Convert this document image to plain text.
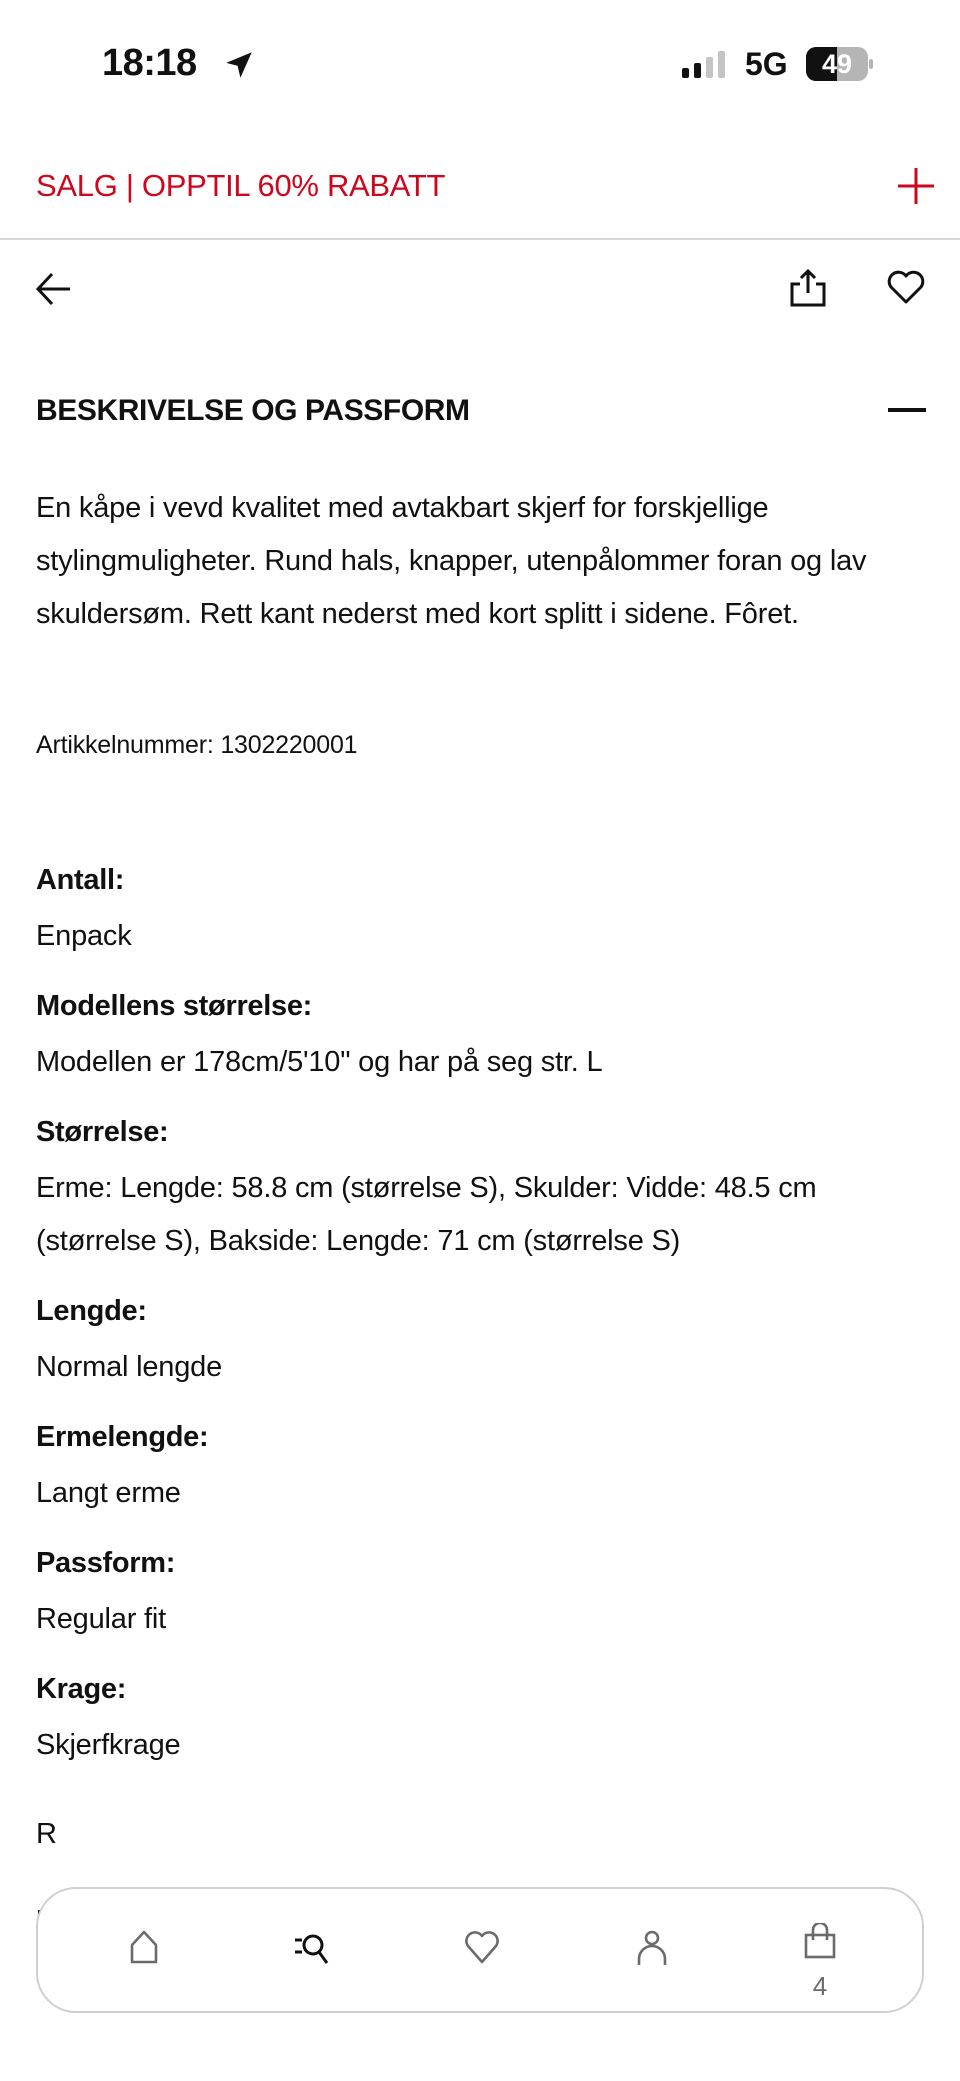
18:18	5G	49
SALG | OPPTIL 60% RABATT
BESKRIVELSE OG PASSFORM

En kåpe i vevd kvalitet med avtakbart skjerf for forskjellige stylingmuligheter. Rund hals, knapper, utenpålommer foran og lav skuldersøm. Rett kant nederst med kort splitt i sidene. Fôret.

Artikkelnummer: 1302220001

Antall:
Enpack
Modellens størrelse:
Modellen er 178cm/5'10" og har på seg str. L
Størrelse:
Erme: Lengde: 58.8 cm (størrelse S), Skulder: Vidde: 48.5 cm (størrelse S), Bakside: Lengde: 71 cm (størrelse S)
Lengde:
Normal lengde
Ermelengde:
Langt erme
Passform:
Regular fit
Krage:
Skjerfkrage
R
4
